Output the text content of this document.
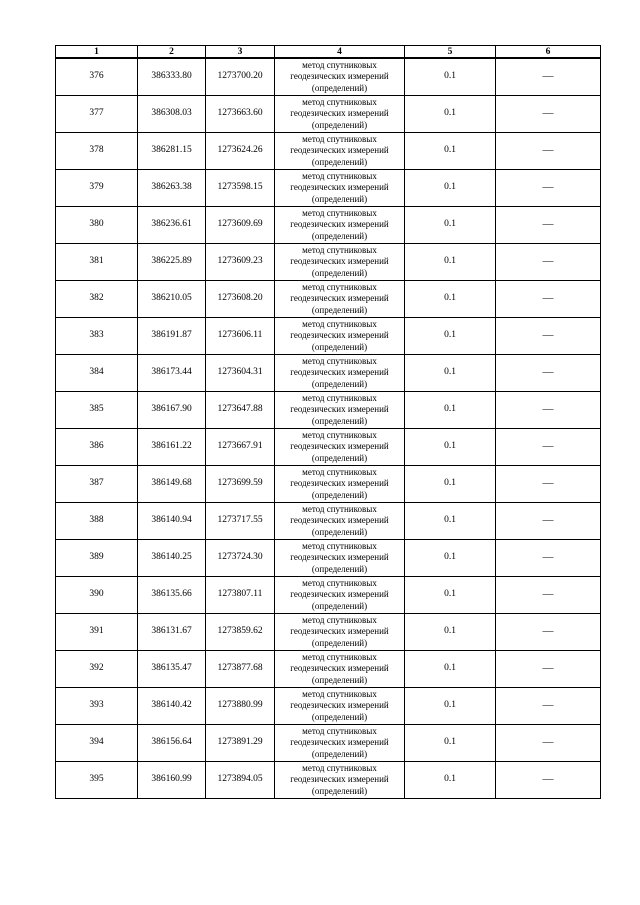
1	2	3	4	5	6
376	386333.80	1273700.20	метод спутниковых
геодезических измерений
(определений)	0.1	—
377	386308.03	1273663.60	метод спутниковых
геодезических измерений
(определений)	0.1	—
378	386281.15	1273624.26	метод спутниковых
геодезических измерений
(определений)	0.1	—
379	386263.38	1273598.15	метод спутниковых
геодезических измерений
(определений)	0.1	—
380	386236.61	1273609.69	метод спутниковых
геодезических измерений
(определений)	0.1	—
381	386225.89	1273609.23	метод спутниковых
геодезических измерений
(определений)	0.1	—
382	386210.05	1273608.20	метод спутниковых
геодезических измерений
(определений)	0.1	—
383	386191.87	1273606.11	метод спутниковых
геодезических измерений
(определений)	0.1	—
384	386173.44	1273604.31	метод спутниковых
геодезических измерений
(определений)	0.1	—
385	386167.90	1273647.88	метод спутниковых
геодезических измерений
(определений)	0.1	—
386	386161.22	1273667.91	метод спутниковых
геодезических измерений
(определений)	0.1	—
387	386149.68	1273699.59	метод спутниковых
геодезических измерений
(определений)	0.1	—
388	386140.94	1273717.55	метод спутниковых
геодезических измерений
(определений)	0.1	—
389	386140.25	1273724.30	метод спутниковых
геодезических измерений
(определений)	0.1	—
390	386135.66	1273807.11	метод спутниковых
геодезических измерений
(определений)	0.1	—
391	386131.67	1273859.62	метод спутниковых
геодезических измерений
(определений)	0.1	—
392	386135.47	1273877.68	метод спутниковых
геодезических измерений
(определений)	0.1	—
393	386140.42	1273880.99	метод спутниковых
геодезических измерений
(определений)	0.1	—
394	386156.64	1273891.29	метод спутниковых
геодезических измерений
(определений)	0.1	—
395	386160.99	1273894.05	метод спутниковых
геодезических измерений
(определений)	0.1	—
